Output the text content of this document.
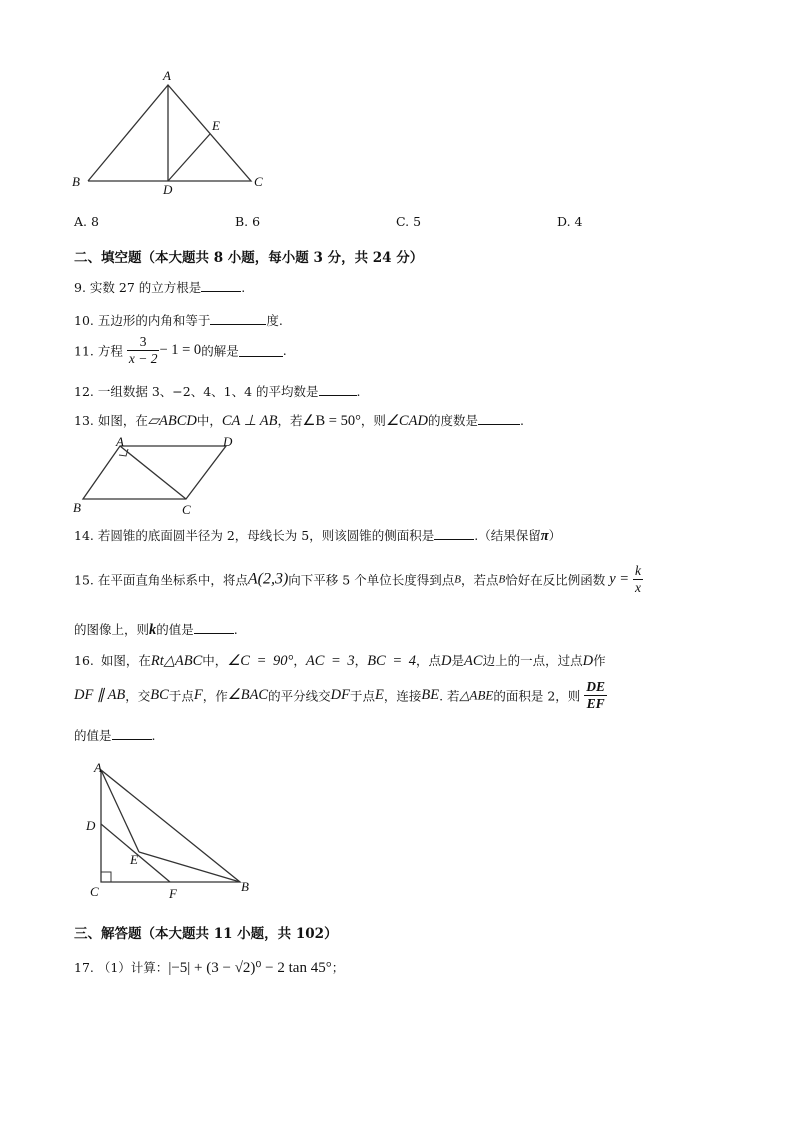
A
B	C
D
E
A. 8	B. 6	C. 5	D. 4
二、填空题（本大题共 8 小题，每小题 3 分，共 24 分）
9. 实数 27 的立方根是	.
10. 五边形的内角和等于	度.
11. 方程 $\frac{3}{x - 2} - 1 = 0$的解是	.
12. 一组数据 3、−2、4、1、4 的平均数是	.
13. 如图，在▱ABCD中，CA ⊥ AB，若∠B = 50°，则∠CAD的度数是	.
A	D
B	C
14. 若圆锥的底面圆半径为 2，母线长为 5，则该圆锥的侧面积是	.（结果保留π）
15. 在平面直角坐标系中，将点A(2,3)向下平移 5 个单位长度得到点B，若点B恰好在反比例函数 $y = \frac{k}{x}$
的图像上，则k的值是	.
16. 如图，在Rt△ABC中，∠C = 90°，AC = 3，BC = 4，点D是AC边上的一点，过点D作
DF ∥ AB，交BC于点F，作∠BAC的平分线交DF于点E，连接BE. 若△ABE的面积是 2，则 $\frac{DE}{EF}$
的值是	.
A
D
E
C	F	B
三、解答题（本大题共 11 小题，共 102）
17. （1）计算：|−5| + (3 − √2)⁰ − 2 tan 45°；
